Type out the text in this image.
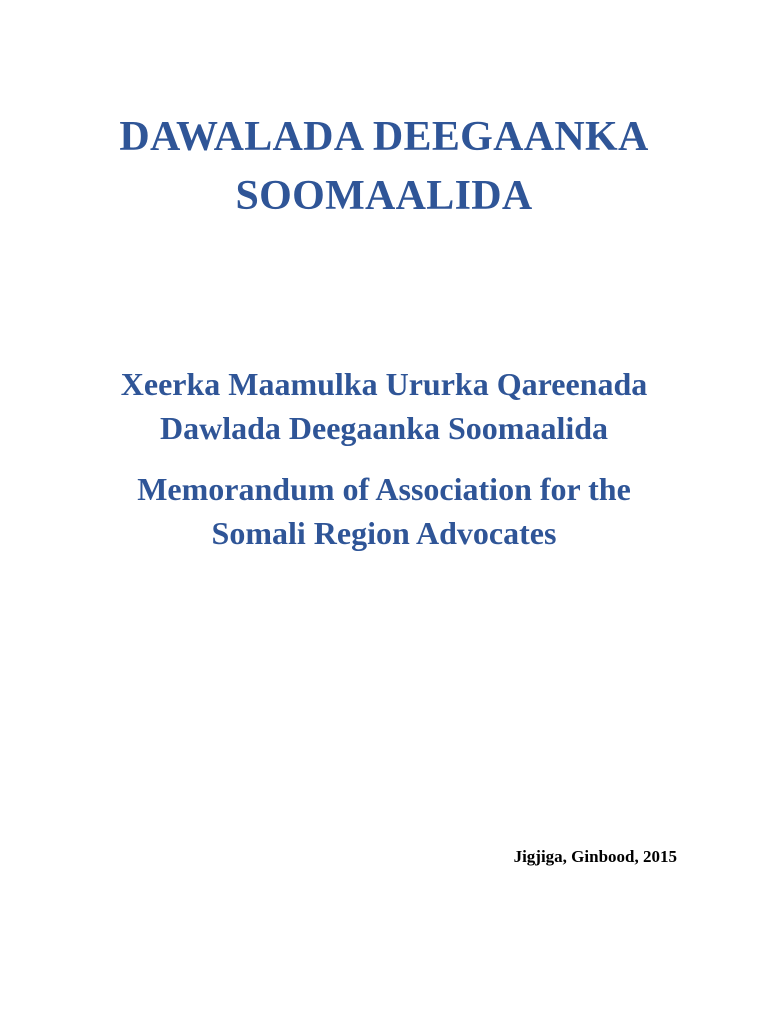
DAWALADA DEEGAANKA
SOOMAALIDA
Xeerka Maamulka Ururka Qareenada
Dawlada Deegaanka Soomaalida
Memorandum of Association for the
Somali Region Advocates
Jigjiga, Ginbood, 2015
